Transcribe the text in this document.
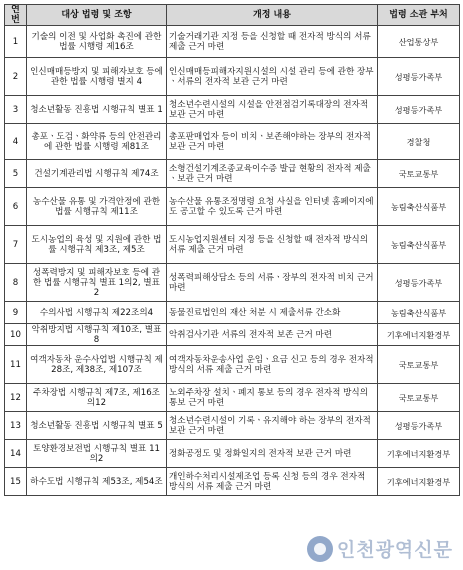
연번	대상 법령 및 조항	개정 내용	법령 소관 부처
1	기술의 이전 및 사업화 촉진에 관한 법률 시행령 제16조	기술거래기관 지정 등을 신청할 때 전자적 방식의 서류 제출 근거 마련	산업통상부
2	인신매매등방지 및 피해자보호 등에 관한 법률 시행령 별지 4	인신매매등피해자지원시설의 시설 관리 등에 관한 장부ㆍ서류의 전자적 보관 근거 마련	성평등가족부
3	청소년활동 진흥법 시행규칙 별표 1	청소년수련시설의 시설을 안전점검기록대장의 전자적 보관 근거 마련	성평등가족부
4	총포ㆍ도검ㆍ화약류 등의 안전관리에 관한 법률 시행령 제81조	총포판매업자 등이 비치ㆍ보존해야하는 장부의 전자적 보관 근거 마련	경찰청
5	건설기계관리법 시행규칙 제74조	소형건설기계조종교육이수증 발급 현황의 전자적 제출ㆍ보관 근거 마련	국토교통부
6	농수산물 유통 및 가격안정에 관한 법률 시행규칙 제11조	농수산물 유통조정명령 요청 사실을 인터넷 홈페이지에도 공고할 수 있도록 근거 마련	농림축산식품부
7	도시농업의 육성 및 지원에 관한 법률 시행규칙 제3조, 제5조	도시농업지원센터 지정 등을 신청할 때 전자적 방식의 서류 제출 근거 마련	농림축산식품부
8	성폭력방지 및 피해자보호 등에 관한 법률 시행규칙 별표 1의2, 별표 2	성폭력피해상담소 등의 서류ㆍ장부의 전자적 비치 근거 마련	성평등가족부
9	수의사법 시행규칙 제22조의4	동물진료법인의 재산 처분 시 제출서류 간소화	농림축산식품부
10	악취방지법 시행규칙 제10조, 별표 8	악취검사기관 서류의 전자적 보존 근거 마련	기후에너지환경부
11	여객자동차 운수사업법 시행규칙 제28조, 제38조, 제107조	여객자동차운송사업 운임ㆍ요금 신고 등의 경우 전자적 방식의 서류 제출 근거 마련	국토교통부
12	주차장법 시행규칙 제7조, 제16조의12	노외주차장 설치ㆍ폐지 통보 등의 경우 전자적 방식의 통보 근거 마련	국토교통부
13	청소년활동 진흥법 시행규칙 별표 5	청소년수련시설이 기록ㆍ유지해야 하는 장부의 전자적 보관 근거 마련	성평등가족부
14	토양환경보전법 시행규칙 별표 11의2	정화공정도 및 정화일지의 전자적 보관 근거 마련	기후에너지환경부
15	하수도법 시행규칙 제53조, 제54조	개인하수처리시설제조업 등록 신청 등의 경우 전자적 방식의 서류 제출 근거 마련	기후에너지환경부
인천광역신문
